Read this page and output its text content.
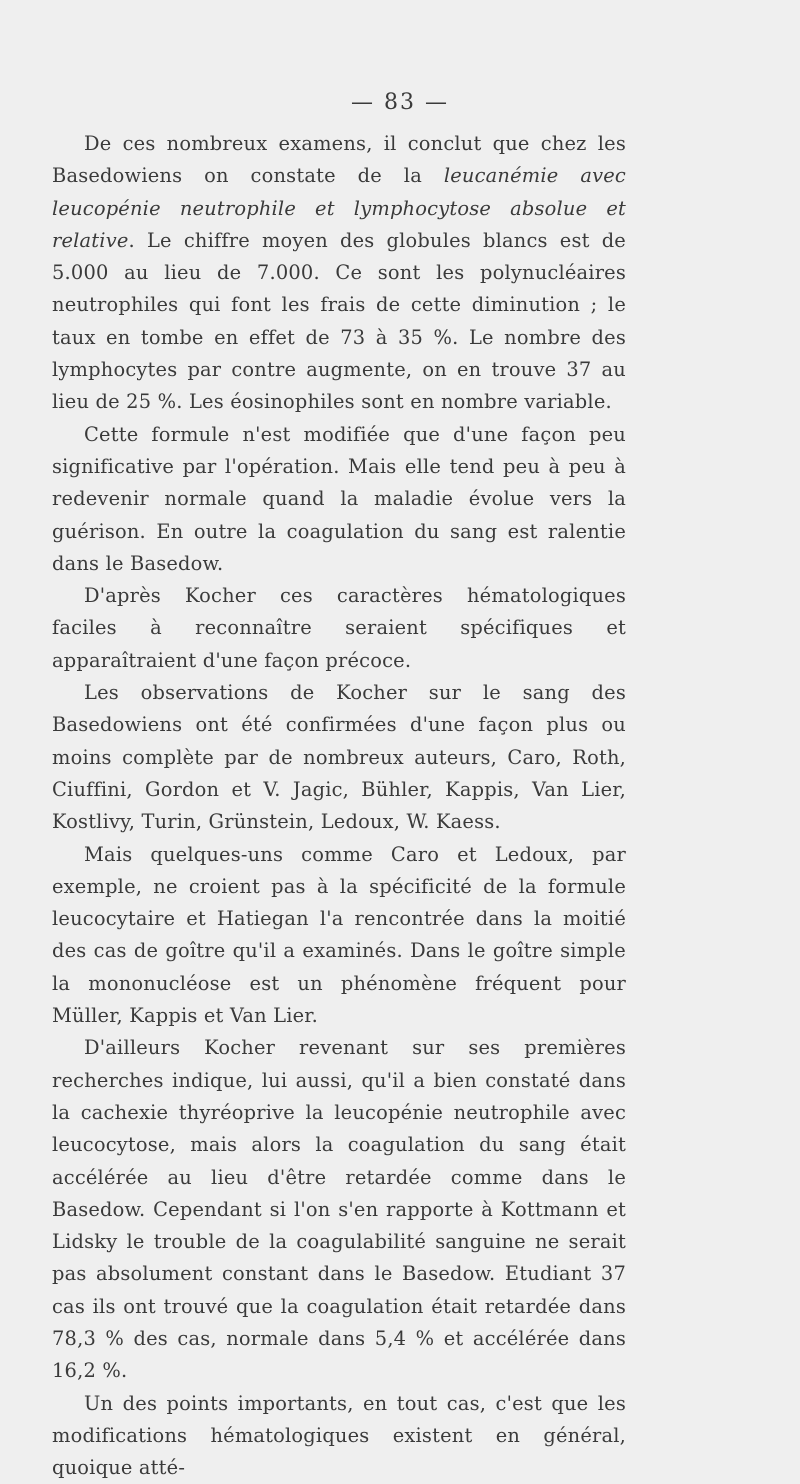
— 83 —

De ces nombreux examens, il conclut que chez les Basedowiens on constate de la leucanémie avec leucopénie neutrophile et lymphocytose absolue et relative. Le chiffre moyen des globules blancs est de 5.000 au lieu de 7.000. Ce sont les polynucléaires neutrophiles qui font les frais de cette diminution ; le taux en tombe en effet de 73 à 35 %. Le nombre des lymphocytes par contre augmente, on en trouve 37 au lieu de 25 %. Les éosinophiles sont en nombre variable.

Cette formule n'est modifiée que d'une façon peu significative par l'opération. Mais elle tend peu à peu à redevenir normale quand la maladie évolue vers la guérison. En outre la coagulation du sang est ralentie dans le Basedow.

D'après Kocher ces caractères hématologiques faciles à reconnaître seraient spécifiques et apparaîtraient d'une façon précoce.

Les observations de Kocher sur le sang des Basedowiens ont été confirmées d'une façon plus ou moins complète par de nombreux auteurs, Caro, Roth, Ciuffini, Gordon et V. Jagic, Bühler, Kappis, Van Lier, Kostlivy, Turin, Grünstein, Ledoux, W. Kaess.

Mais quelques-uns comme Caro et Ledoux, par exemple, ne croient pas à la spécificité de la formule leucocytaire et Hatiegan l'a rencontrée dans la moitié des cas de goître qu'il a examinés. Dans le goître simple la mononucléose est un phénomène fréquent pour Müller, Kappis et Van Lier.

D'ailleurs Kocher revenant sur ses premières recherches indique, lui aussi, qu'il a bien constaté dans la cachexie thyréoprive la leucopénie neutrophile avec leucocytose, mais alors la coagulation du sang était accélérée au lieu d'être retardée comme dans le Basedow. Cependant si l'on s'en rapporte à Kottmann et Lidsky le trouble de la coagulabilité sanguine ne serait pas absolument constant dans le Basedow. Etudiant 37 cas ils ont trouvé que la coagulation était retardée dans 78,3 % des cas, normale dans 5,4 % et accélérée dans 16,2 %.

Un des points importants, en tout cas, c'est que les modifications hématologiques existent en général, quoique atté-
